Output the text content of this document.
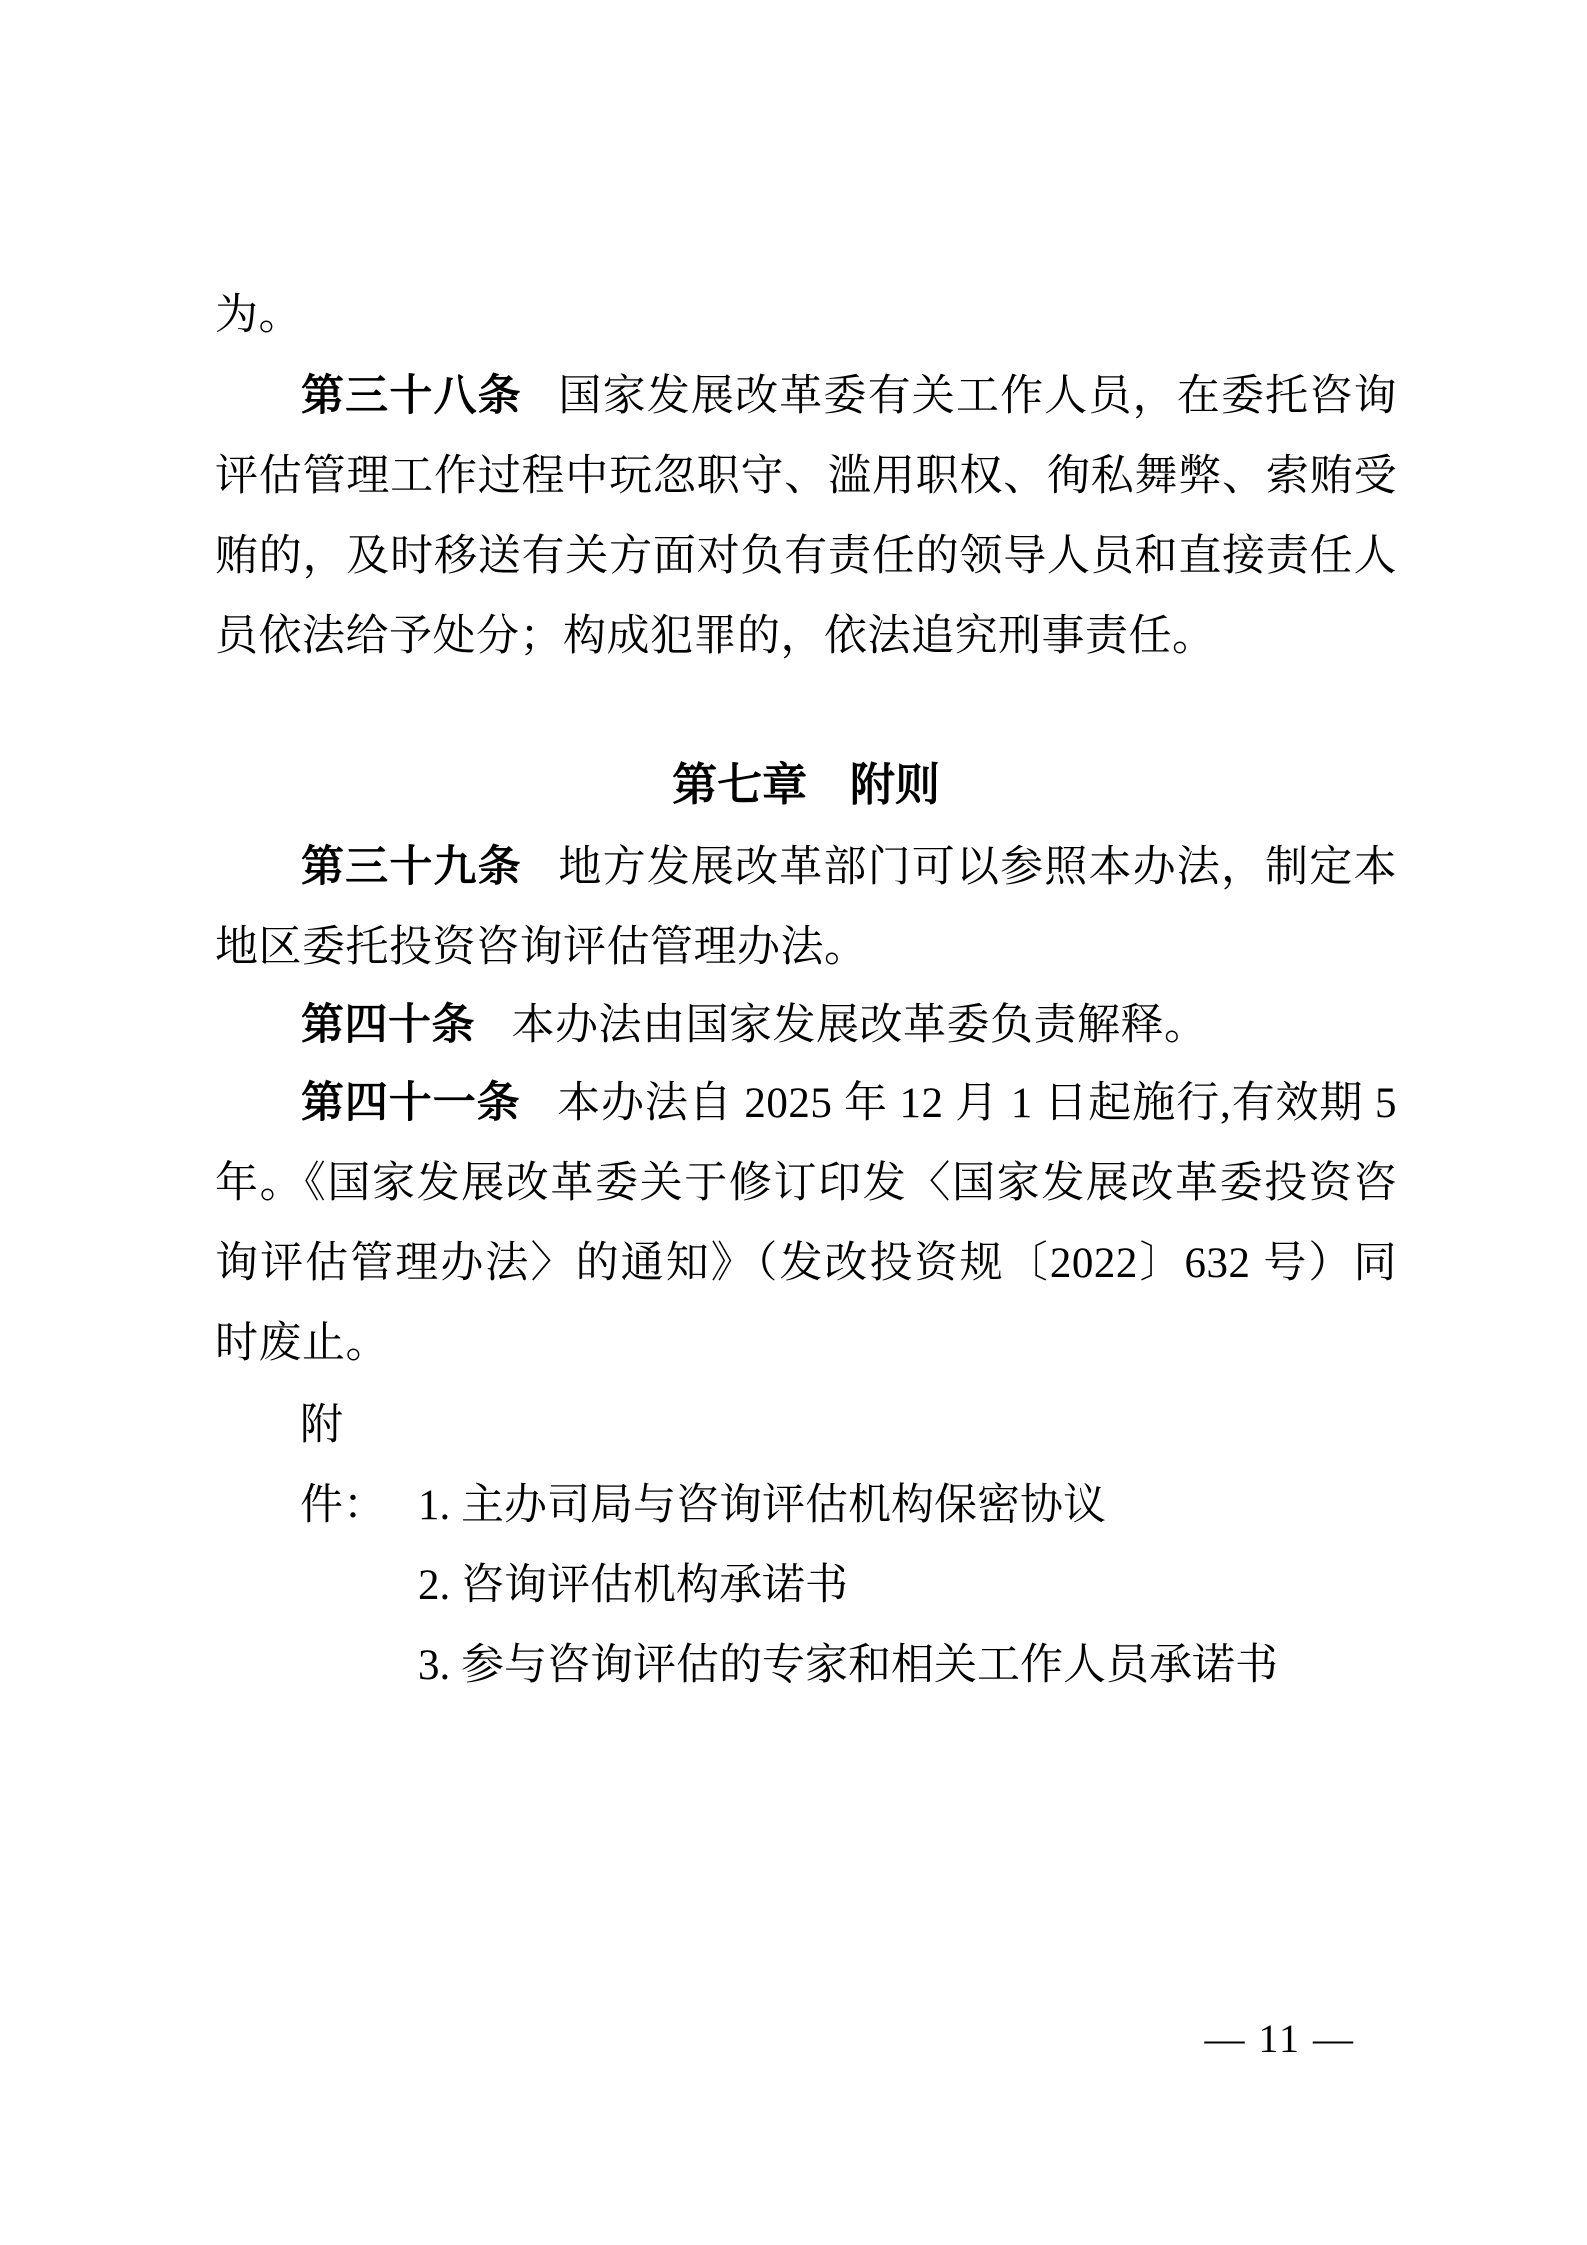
为。
第三十八条 国家发展改革委有关工作人员，在委托咨询评估管理工作过程中玩忽职守、滥用职权、徇私舞弊、索贿受贿的，及时移送有关方面对负有责任的领导人员和直接责任人员依法给予处分；构成犯罪的，依法追究刑事责任。
第七章 附则
第三十九条 地方发展改革部门可以参照本办法，制定本地区委托投资咨询评估管理办法。
第四十条 本办法由国家发展改革委负责解释。
第四十一条 本办法自 2025 年 12 月 1 日起施行,有效期 5 年。《国家发展改革委关于修订印发〈国家发展改革委投资咨询评估管理办法〉的通知》（发改投资规〔2022〕632 号）同时废止。
附件： 1. 主办司局与咨询评估机构保密协议
2. 咨询评估机构承诺书
3. 参与咨询评估的专家和相关工作人员承诺书
— 11 —
